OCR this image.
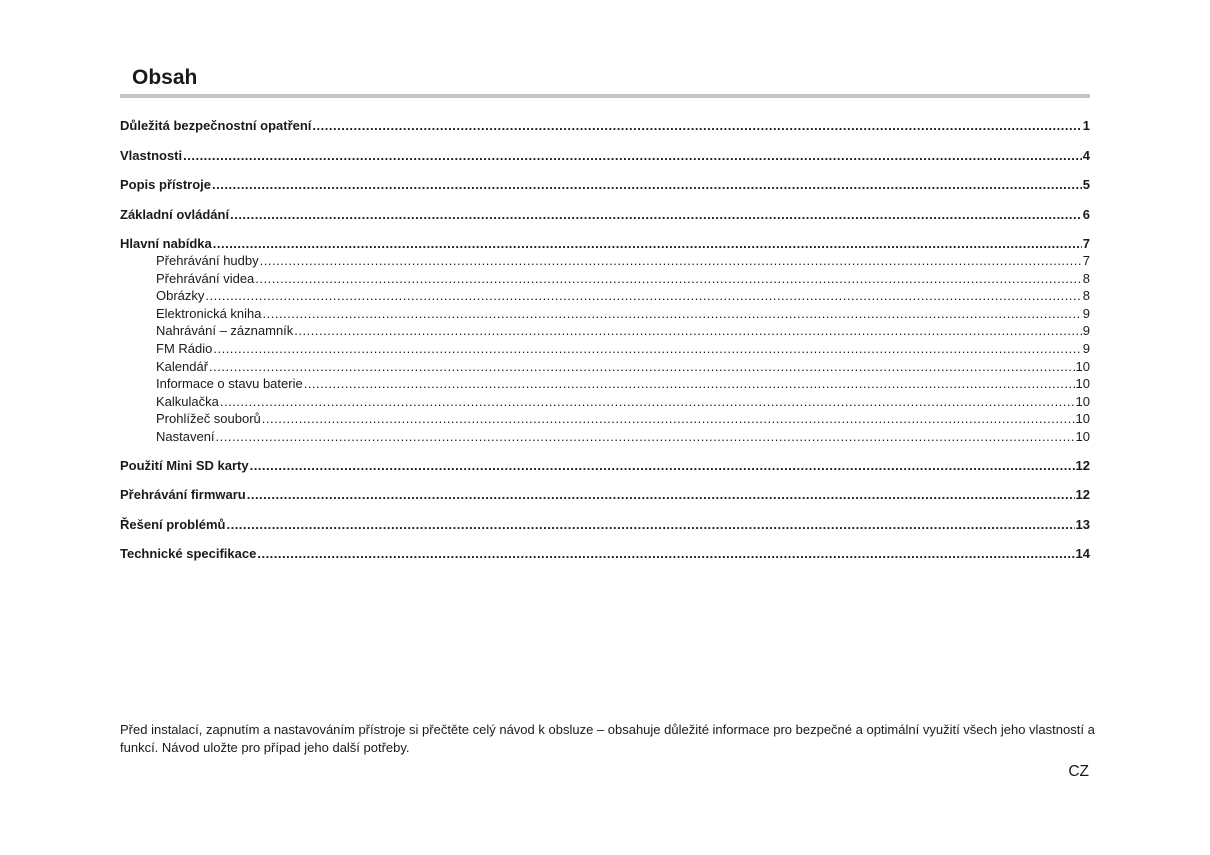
Obsah
Důležitá bezpečnostní opatření .....	1
Vlastnosti .....	4
Popis přístroje .....	5
Základní ovládání .....	6
Hlavní nabídka .....	7
Přehrávání hudby .....	7
Přehrávání videa .....	8
Obrázky .....	8
Elektronická kniha .....	9
Nahrávání – záznamník .....	9
FM Rádio .....	9
Kalendář .....	10
Informace o stavu baterie .....	10
Kalkulačka .....	10
Prohlížeč souborů .....	10
Nastavení .....	10
Použití Mini SD karty .....	12
Přehrávání firmwaru .....	12
Řešení problémů .....	13
Technické specifikace .....	14

Před instalací, zapnutím a nastavováním přístroje si přečtěte celý návod k obsluze – obsahuje důležité informace pro bezpečné a optimální využití všech jeho vlastností a funkcí. Návod uložte pro případ jeho další potřeby.

CZ
